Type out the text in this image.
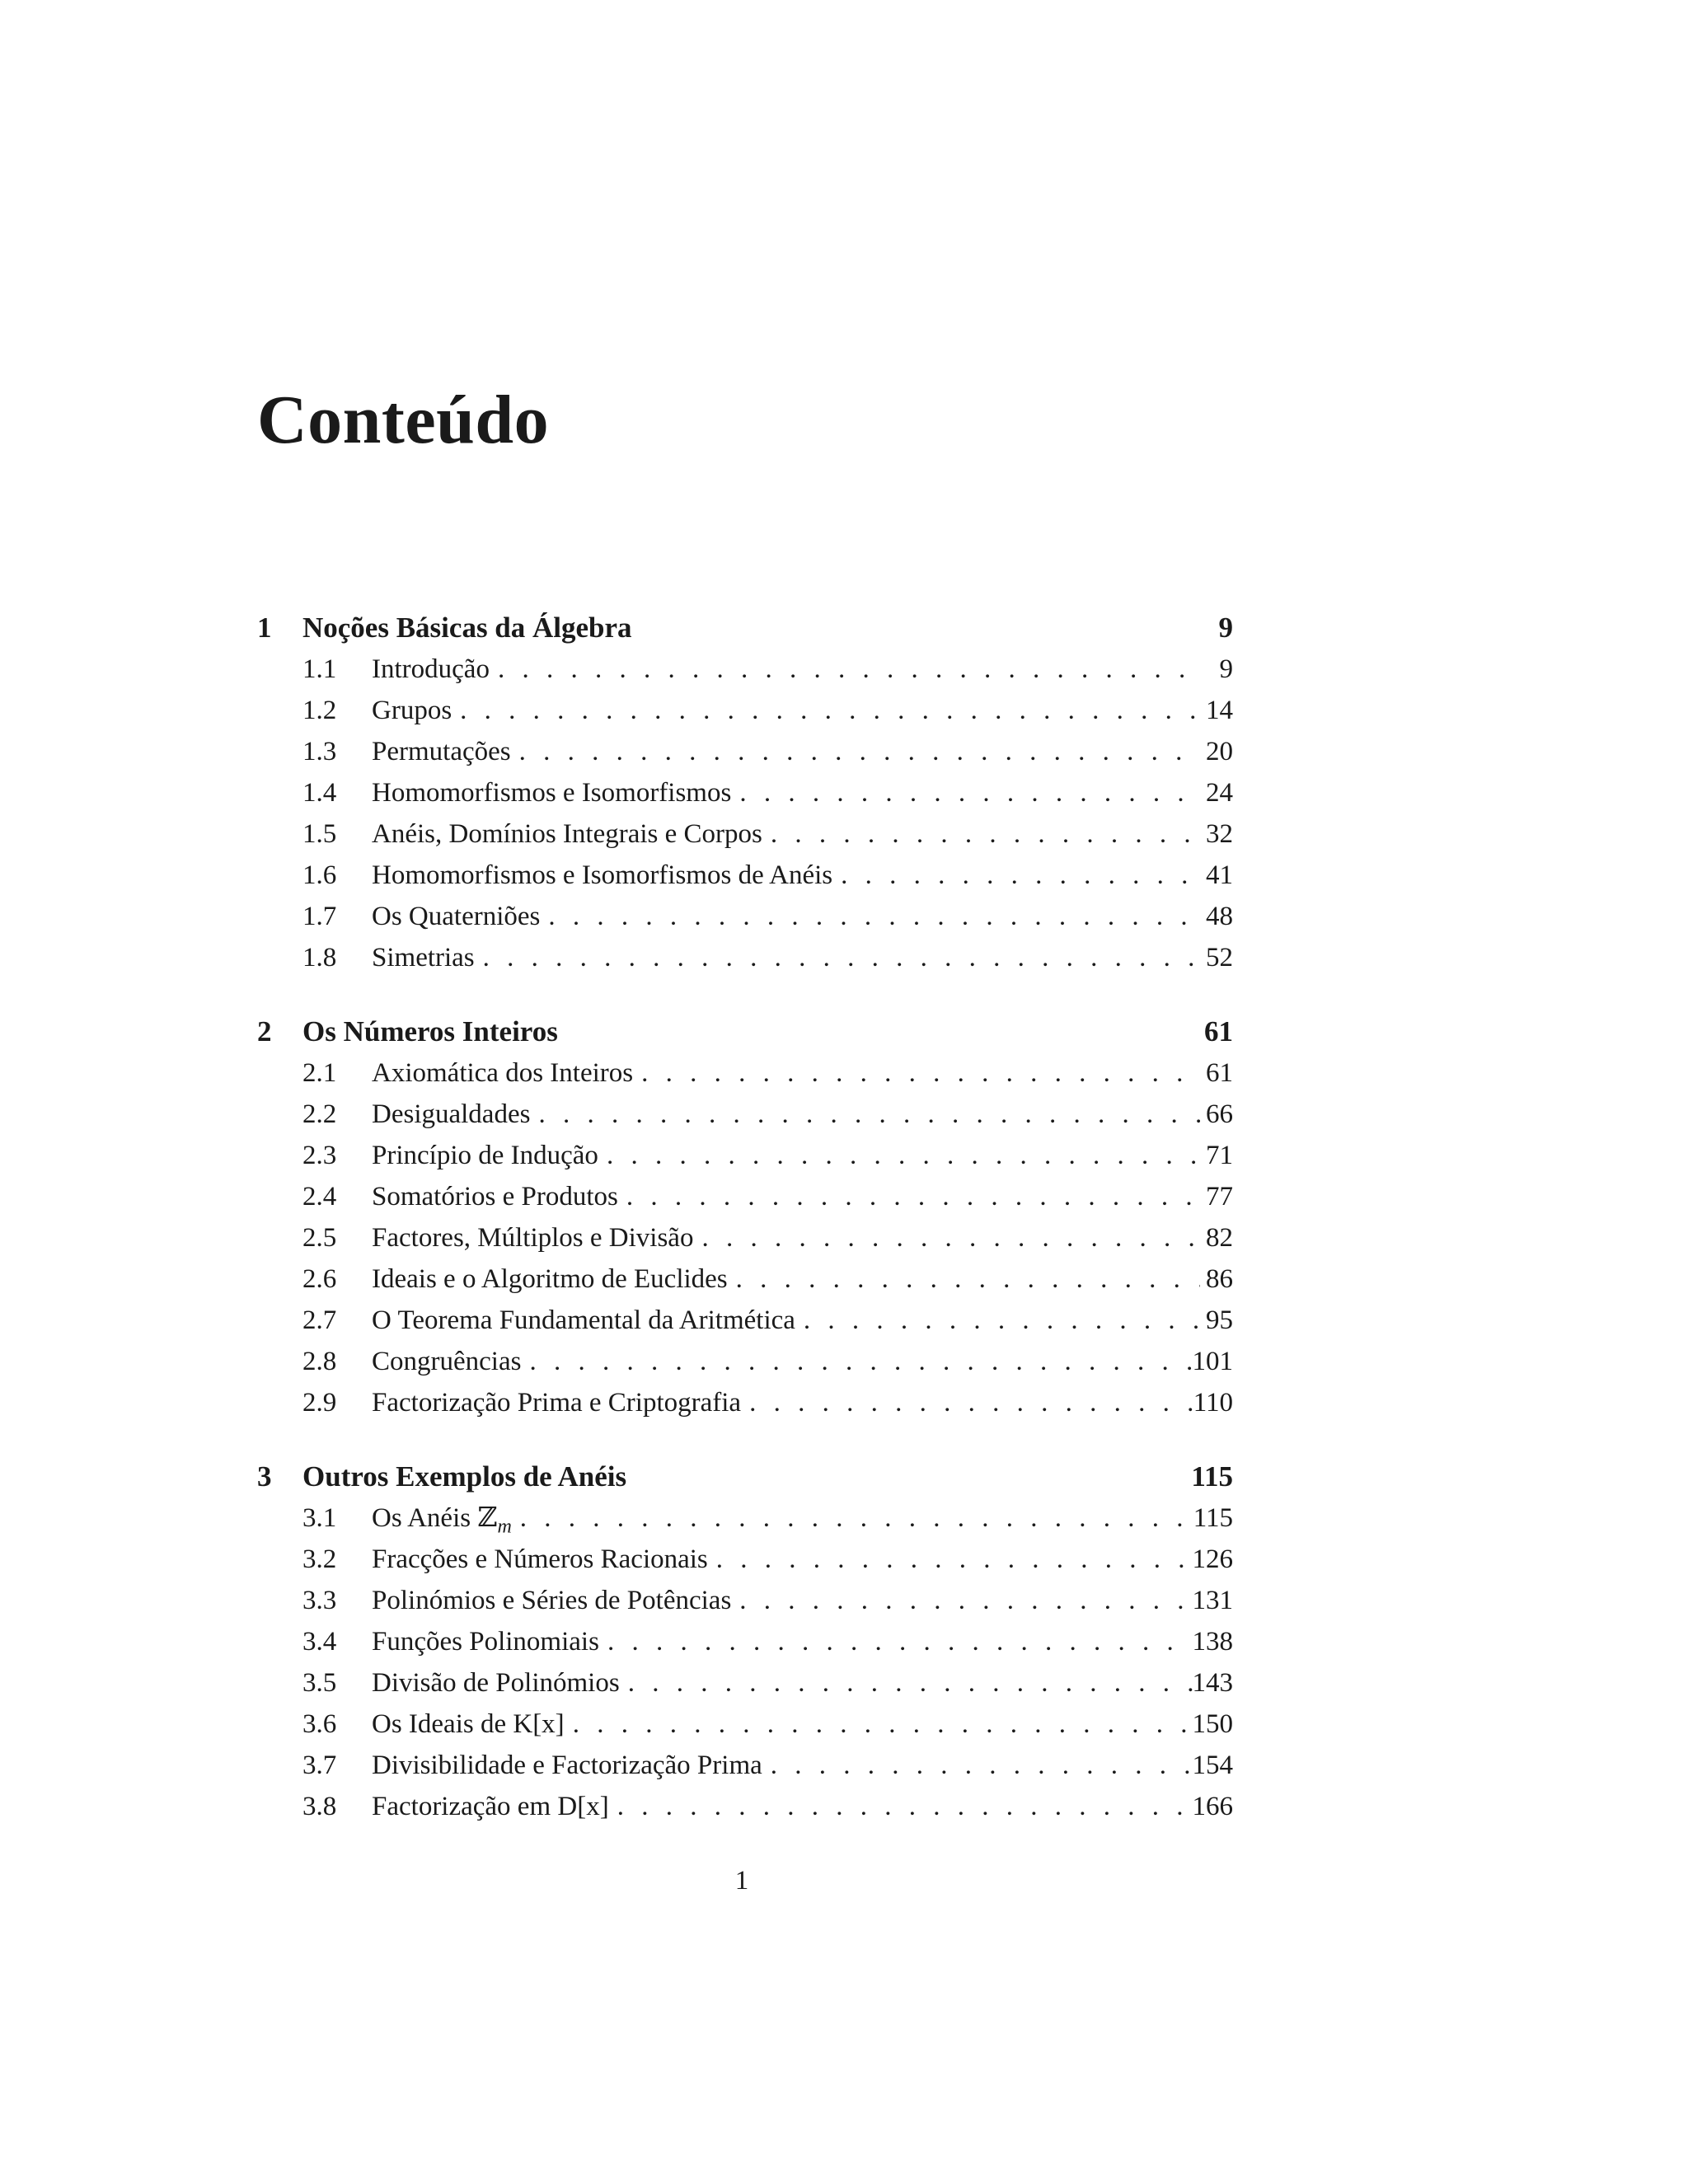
Conteúdo
1 Noções Básicas da Álgebra	9
1.1	Introdução . . .	9
1.2	Grupos . . .	14
1.3	Permutações . . .	20
1.4	Homomorfismos e Isomorfismos . . .	24
1.5	Anéis, Domínios Integrais e Corpos . . .	32
1.6	Homomorfismos e Isomorfismos de Anéis . . .	41
1.7	Os Quaterniões . . .	48
1.8	Simetrias . . .	52
2 Os Números Inteiros	61
2.1	Axiomática dos Inteiros . . .	61
2.2	Desigualdades . . .	66
2.3	Princípio de Indução . . .	71
2.4	Somatórios e Produtos . . .	77
2.5	Factores, Múltiplos e Divisão . . .	82
2.6	Ideais e o Algoritmo de Euclides . . .	86
2.7	O Teorema Fundamental da Aritmética . . .	95
2.8	Congruências . . .	101
2.9	Factorização Prima e Criptografia . . .	110
3 Outros Exemplos de Anéis	115
3.1	Os Anéis ℤ$_m$ . . .	115
3.2	Fracções e Números Racionais . . .	126
3.3	Polinómios e Séries de Potências . . .	131
3.4	Funções Polinomiais . . .	138
3.5	Divisão de Polinómios . . .	143
3.6	Os Ideais de K[x] . . .	150
3.7	Divisibilidade e Factorização Prima . . .	154
3.8	Factorização em D[x] . . .	166
1
